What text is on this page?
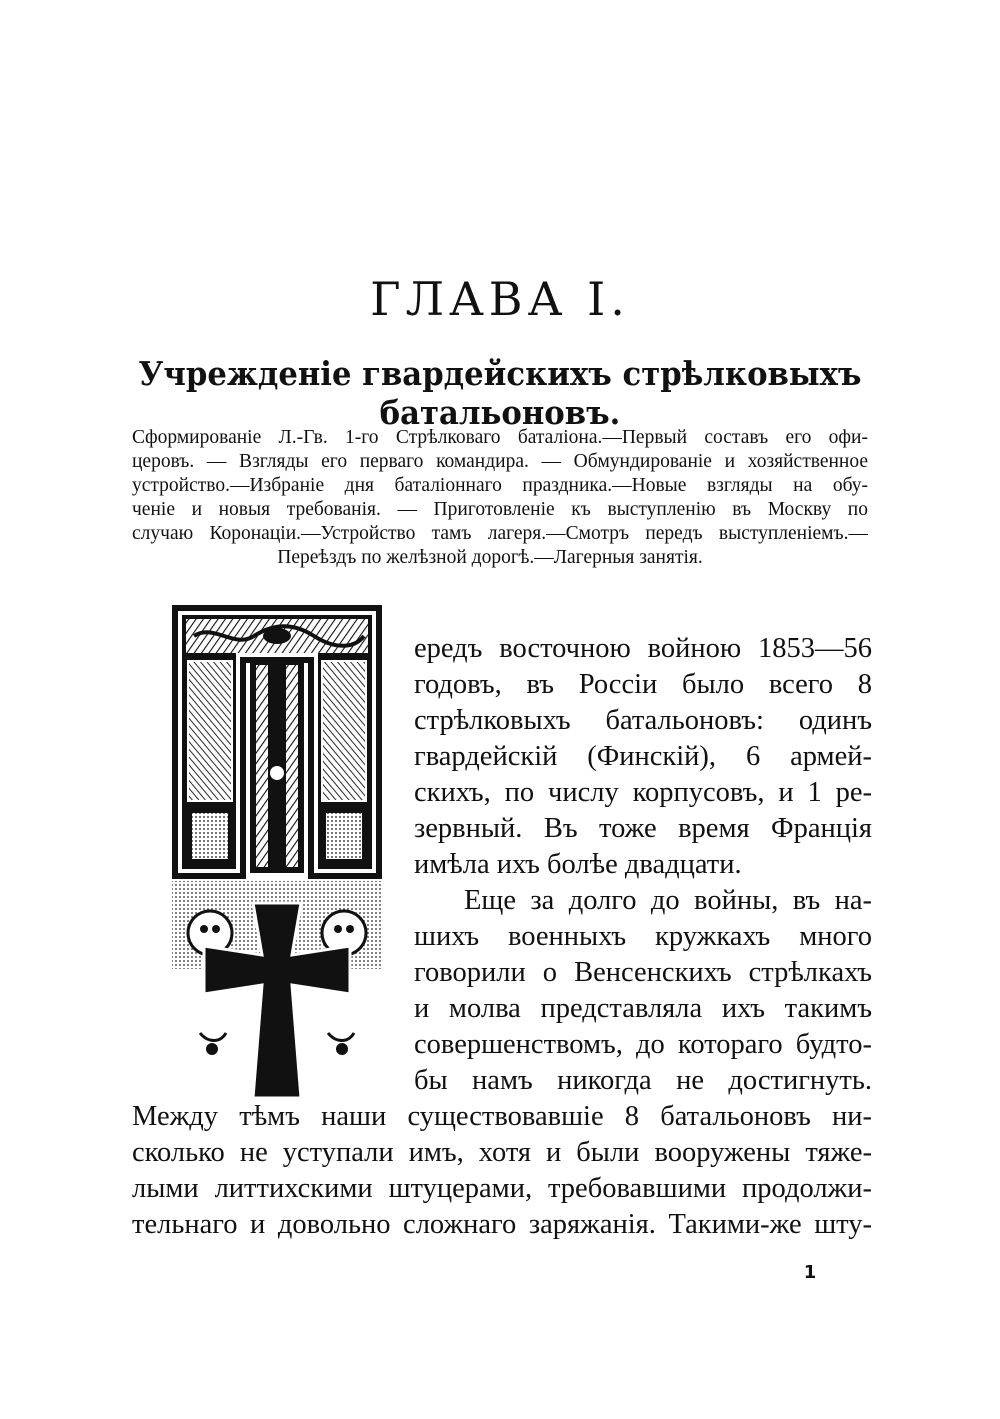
ГЛАВА I.
Учрежденіе гвардейскихъ стрѣлковыхъ батальоновъ.
Сформированіе Л.-Гв. 1-го Стрѣлковаго баталіона.—Первый составъ его офи-
церовъ. — Взгляды его перваго командира. — Обмундированіе и хозяйственное
устройство.—Избраніе дня баталіоннаго праздника.—Новые взгляды на обу-
ченіе и новыя требованія. — Приготовленіе къ выступленію въ Москву по
случаю Коронаціи.—Устройство тамъ лагеря.—Смотръ передъ выступленіемъ.—
Переѣздъ по желѣзной дорогѣ.—Лагерныя занятія.
ередъ восточною войною 1853—56
годовъ, въ Россіи было всего 8
стрѣлковыхъ батальоновъ: одинъ
гвардейскій (Финскій), 6 армей-
скихъ, по числу корпусовъ, и 1 ре-
зервный. Въ тоже время Франція
имѣла ихъ болѣе двадцати.
Еще за долго до войны, въ на-
шихъ военныхъ кружкахъ много
говорили о Венсенскихъ стрѣлкахъ
и молва представляла ихъ такимъ
совершенствомъ, до котораго будто-
бы намъ никогда не достигнуть.
Между тѣмъ наши существовавшіе 8 батальоновъ ни-
сколько не уступали имъ, хотя и были вооружены тяже-
лыми литтихскими штуцерами, требовавшими продолжи-
тельнаго и довольно сложнаго заряжанія. Такими-же шту-
1
